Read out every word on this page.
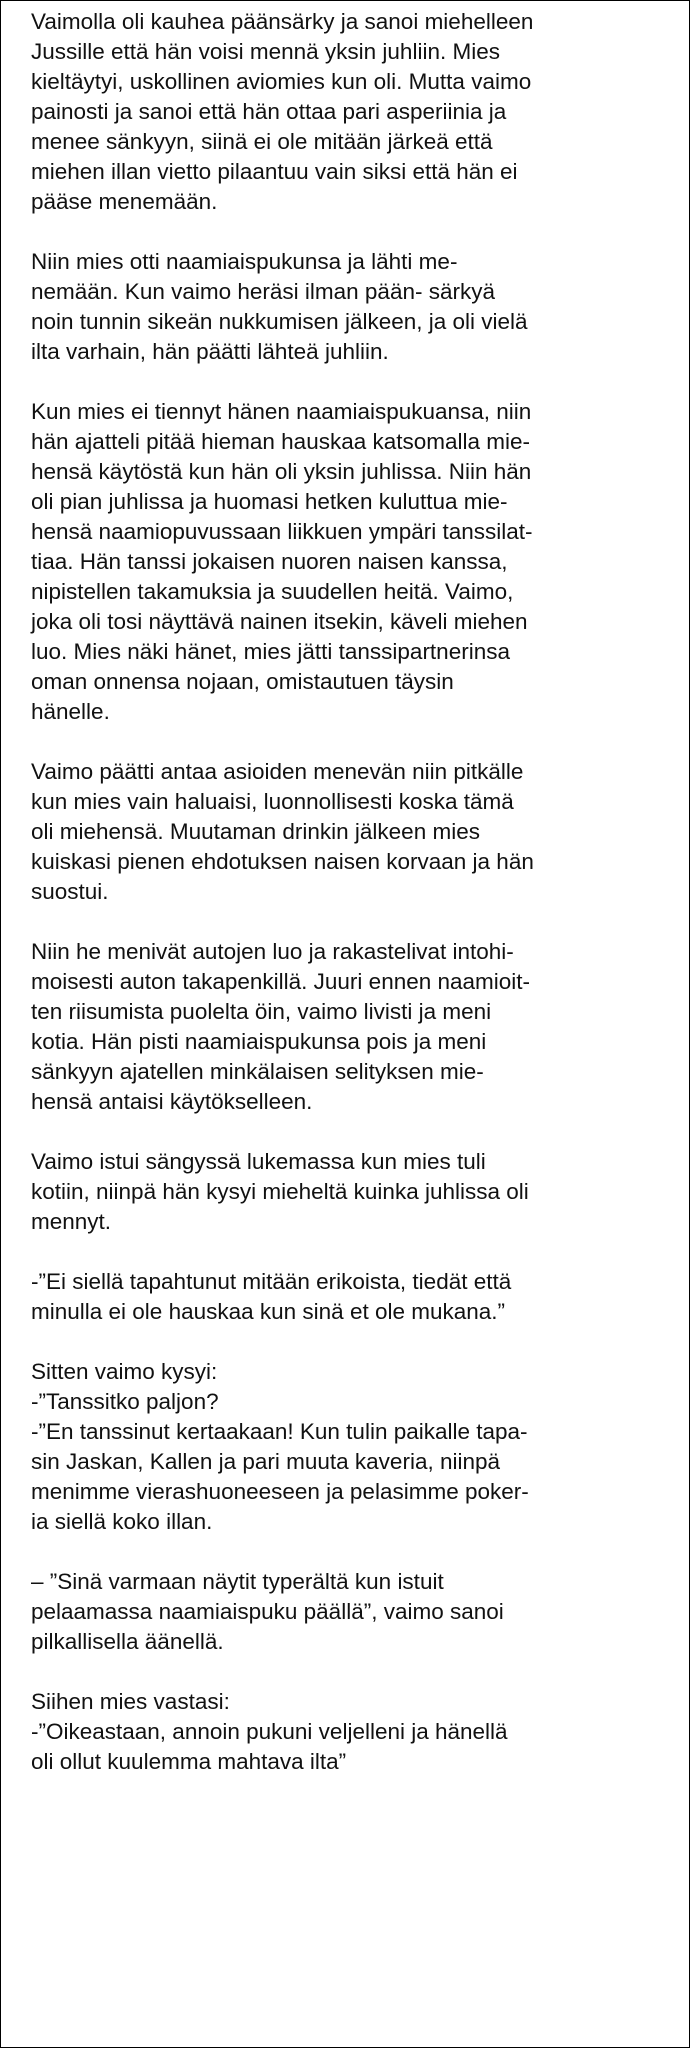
Vaimolla oli kauhea päänsärky ja sanoi miehelleen
Jussille että hän voisi mennä yksin juhliin. Mies
kieltäytyi, uskollinen aviomies kun oli. Mutta vaimo
painosti ja sanoi että hän ottaa pari asperiinia ja
menee sänkyyn, siinä ei ole mitään järkeä että
miehen illan vietto pilaantuu vain siksi että hän ei
pääse menemään.

Niin mies otti naamiaispukunsa ja lähti me-
nemään. Kun vaimo heräsi ilman pään- särkyä
noin tunnin sikeän nukkumisen jälkeen, ja oli vielä
ilta varhain, hän päätti lähteä juhliin.

Kun mies ei tiennyt hänen naamiaispukuansa, niin
hän ajatteli pitää hieman hauskaa katsomalla mie-
hensä käytöstä kun hän oli yksin juhlissa. Niin hän
oli pian juhlissa ja huomasi hetken kuluttua mie-
hensä naamiopuvussaan liikkuen ympäri tanssilat-
tiaa. Hän tanssi jokaisen nuoren naisen kanssa,
nipistellen takamuksia ja suudellen heitä. Vaimo,
joka oli tosi näyttävä nainen itsekin, käveli miehen
luo. Mies näki hänet, mies jätti tanssipartnerinsa
oman onnensa nojaan, omistautuen täysin
hänelle.

Vaimo päätti antaa asioiden menevän niin pitkälle
kun mies vain haluaisi, luonnollisesti koska tämä
oli miehensä. Muutaman drinkin jälkeen mies
kuiskasi pienen ehdotuksen naisen korvaan ja hän
suostui.

Niin he menivät autojen luo ja rakastelivat intohi-
moisesti auton takapenkillä. Juuri ennen naamioit-
ten riisumista puolelta öin, vaimo livisti ja meni
kotia. Hän pisti naamiaispukunsa pois ja meni
sänkyyn ajatellen minkälaisen selityksen mie-
hensä antaisi käytökselleen.

Vaimo istui sängyssä lukemassa kun mies tuli
kotiin, niinpä hän kysyi mieheltä kuinka juhlissa oli
mennyt.

-”Ei siellä tapahtunut mitään erikoista, tiedät että
minulla ei ole hauskaa kun sinä et ole mukana.”

Sitten vaimo kysyi:
-”Tanssitko paljon?
-”En tanssinut kertaakaan! Kun tulin paikalle tapa-
sin Jaskan, Kallen ja pari muuta kaveria, niinpä
menimme vierashuoneeseen ja pelasimme poker-
ia siellä koko illan.

– ”Sinä varmaan näytit typerältä kun istuit
pelaamassa naamiaispuku päällä”, vaimo sanoi
pilkallisella äänellä.

Siihen mies vastasi:
-”Oikeastaan, annoin pukuni veljelleni ja hänellä
oli ollut kuulemma mahtava ilta”
